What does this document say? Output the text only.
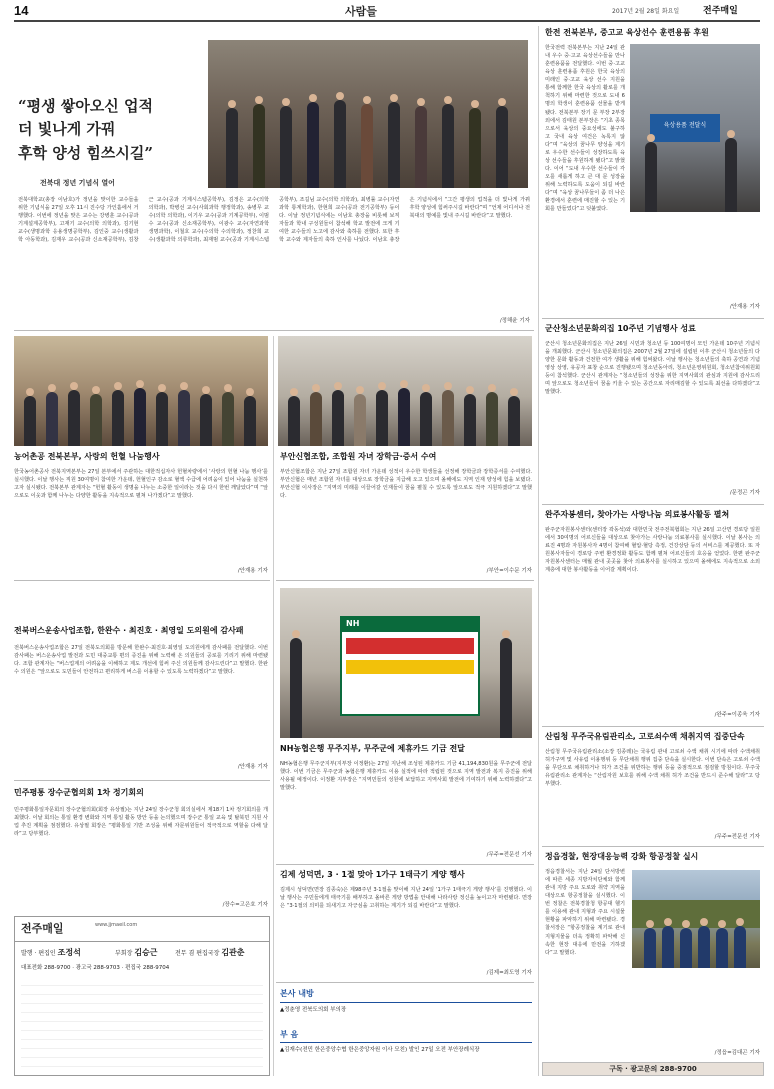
14	사람들	2017년 2월 28일 화요일	전주매일
“평생 쌓아오신 업적
더 빛나게 가꿔
후학 양성 힘쓰시길”
전북대 정년 기념식 열어
전북대학교(총장 이남호)가 정년을 맞이한 교수들을 위한 기념식을 27일 오후 11시 진수당 가인홀에서 거행했다. 이번에 정년을 맞은 교수는 강병훈 교수(공과 기계설계공학부), 고재기 교수(의학 의학과), 김기현 교수(생명과학 응용생명공학부), 김인중 교수(생활과학 아동학과), 김재우 교수(공과 신소재공학부), 김창근 교수(공과 기계시스템공학부), 김정은 교수(의학 의학과), 박병선 교수(사회과학 행정학과), 송병무 교수(의학 의학과), 이기우 교수(공과 기계공학부), 이범수 교수(공과 신소재공학부), 이광수 교수(자연과학 생명과학), 이철호 교수(수의학 수의학과), 정찬희 교수(생활과학 의류학과), 최재범 교수(공과 기계시스템공학부), 조길님 교수(의학 의학과), 최병률 교수(자연과학 통계학과), 한현희 교수(공과 전기공학부) 등이다. 이날 정년기념식에는 이남호 총장을 비롯해 보직자들과 학내 구성원들이 참석해 학교 발전에 크게 기여한 교수들의 노고에 감사와 축하를 전했다. 또한 후학 교수와 제자들의 축하 인사를 나눴다. 이남호 총장은 기념식에서 “그간 평생의 업적을 더 빛나게 가꿔 후학 양성에 힘써주시길 바란다”며 “언제 어디서나 전북대의 명예를 빛내 주시길 바란다”고 말했다.
/정해윤 기자
한전 전북본부, 중고교 육상선수 훈련용품 후원
한국전력 전북본부는 지난 24일 관내 우수 중·고교 육상선수들을 만나 훈련용품을 전달했다. 이번 중·고교 육상 훈련용품 후원은 한국 육상의 미래인 중·고교 육상 선수 지원을 통해 함께한 한국 육상의 활로를 개척하기 위해 마련한 것으로 도내 6명의 학생이 훈련용품 선물을 받게 됐다. 전북본부 장기 문 부장 2부장 외에서 김태원 본부장은 “기초 종목으로서 육상의 중요성에도 불구하고 국내 육상 여건은 녹록지 않다”며 “육상의 꿈나무 양성을 계기로 우수한 선수들이 성장하도록 육상 선수들을 후원하게 됐다”고 밝혔다. 이어 “도내 우수한 선수들이 각오를 새롭게 하고 큰 대 문 성장을 위해 노력하도록 도움이 되길 바란다”며 “육상 꿈나무들이 좀 더 나은 환경에서 훈련에 매진할 수 있는 기회를 만들었다”고 덧붙였다.
육상용품 전달식
/안재용 기자
군산청소년문화의집 10주년 기념행사 성료
군산시 청소년문화의집은 지난 26일 시민과 청소년 등 100여명이 모인 가운데 10주년 기념식을 개최했다. 군산시 청소년문화의집은 2007년 2월 27일에 설립된 이후 군산시 청소년들의 다양한 문화 활동과 건전한 여가 생활을 위해 힘써왔다. 이날 행사는 청소년들의 축하 공연과 기념 영상 상영, 유공자 표창 순으로 진행됐으며 청소년동아리, 청소년운영위원회, 청소년참여위원회 등이 참석했다. 군산시 관계자는 “청소년들의 성장을 위한 지역사회의 관심과 지원에 감사드리며 앞으로도 청소년들이 꿈을 키울 수 있는 공간으로 자리매김할 수 있도록 최선을 다하겠다”고 말했다.
/문정곤 기자
완주자봉센터, 찾아가는 사랑나눔 의료봉사활동 펼쳐
완주군자원봉사센터(센터장 곽동석)와 대한민국 전주전북협회는 지난 26일 고산면 경로당 일원에서 30여명의 어르신들을 대상으로 찾아가는 사랑나눔 의료봉사를 실시했다. 이날 봉사는 의료진 4명과 자원봉사자 4명이 참여해 혈압·혈당 측정, 건강상담 등의 서비스를 제공했다. 또 자원봉사자들이 경로당 주변 환경정화 활동도 함께 펼쳐 어르신들의 호응을 얻었다. 한편 완주군자원봉사센터는 매월 관내 곳곳을 찾아 의료봉사를 실시하고 있으며 올해에도 지속적으로 소외계층에 대한 봉사활동을 이어갈 계획이다.
/완주=이종욱 기자
산림청 무주국유림관리소, 고로쇠수액 채취지역 집중단속
산림청 무주국유림관리소(소장 김종레)는 국유림 관내 고로쇠 수액 채취 시기에 따라 수액채취 허가구역 및 사유림 이용행위 등 무단채취 행위 집중 단속을 실시한다. 이번 단속은 고로쇠 수액을 무단으로 채취하거나 허가 조건을 위반하는 행위 등을 중점적으로 점검할 방침이다. 무주국유림관리소 관계자는 “산림자원 보호를 위해 수액 채취 허가 조건을 반드시 준수해 달라”고 당부했다.
/무주=전문선 기자
정읍경찰, 현장대응능력 강화 항공정찰 실시
정읍경찰서는 지난 24일 단서방변에 따른 세종 지방자치단체와 함께 관내 지방 주요 도로와 취약 지역을 대상으로 항공정찰을 실시했다. 이번 정찰은 전북경찰청 항공대 헬기를 이용해 관내 지형과 주요 시설물 현황을 파악하기 위해 마련됐다. 경찰서장은 “항공정찰을 계기로 관내 지형지물을 더욱 정확히 파악해 신속한 현장 대응에 만전을 기하겠다”고 말했다.
/정읍=김대곤 기자
구독 · 광고문의 288-9700
농어촌공 전북본부, 사랑의 헌혈 나눔행사
한국농어촌공사 전북지역본부는 27일 본부에서 주관하는 대한적십자사 헌혈차량에서 ‘사랑의 헌혈 나눔 행사’를 실시했다. 이날 행사는 직원 30여명이 참여한 가운데, 헌혈인구 감소로 혈액 수급에 어려움이 있어 나눔을 실천하고자 실시됐다. 전북본부 관계자는 “헌혈 활동이 생명을 나누는 소중한 일이라는 것을 다시 한번 깨달았다”며 “앞으로도 이웃과 함께 나누는 다양한 활동을 지속적으로 펼쳐 나가겠다”고 말했다.
/안재용 기자
부안신협조합, 조합원 자녀 장학금·증서 수여
부안신협조합은 지난 27일 조합원 자녀 가운데 성적이 우수한 학생들을 선정해 장학금과 장학증서를 수여했다. 부안신협은 매년 조합원 자녀를 대상으로 장학금을 지급해 오고 있으며 올해에도 지역 인재 양성에 힘을 보탰다. 부안신협 이사장은 “지역의 미래를 이끌어갈 인재들이 꿈을 펼칠 수 있도록 앞으로도 적극 지원하겠다”고 말했다.
/부안=이수문 기자
전북버스운송사업조합, 한완수 · 최진호 · 최영일 도의원에 감사패
전북버스운송사업조합은 27일 전북도의회를 방문해 한완수·최진호·최영일 도의원에게 감사패를 전달했다. 이번 감사패는 버스운송사업 발전과 도민 대중교통 편의 증진을 위해 노력해 온 의원들의 공로를 기리기 위해 마련됐다. 조합 관계자는 “버스업계의 어려움을 이해하고 제도 개선에 힘써 주신 의원들께 감사드린다”고 말했다. 한완수 의원은 “앞으로도 도민들이 안전하고 편리하게 버스를 이용할 수 있도록 노력하겠다”고 말했다.
/안재용 기자
NH
NH농협은행 무주지부, 무주군에 제휴카드 기금 전달
NH농협은행 무주군지부(지부장 이정환)는 27일 지난해 조성된 제휴카드 기금 41,194,830원을 무주군에 전달했다. 이번 기금은 무주군과 농협은행 제휴카드 이용 실적에 따라 적립된 것으로 지역 발전과 복지 증진을 위해 사용될 예정이다. 이정환 지부장은 “지역민들의 성원에 보답하고 지역사회 발전에 기여하기 위해 노력하겠다”고 말했다.
/무주=전문선 기자
김제 성덕면, 3 · 1절 맞아 1가구 1태극기 게양 행사
김제시 성덕면(면장 김종숙)은 제98주년 3·1절을 맞이해 지난 24일 ‘1가구 1태극기 게양 행사’를 진행했다. 이날 행사는 주민들에게 태극기를 배부하고 올바른 게양 방법을 안내해 나라사랑 정신을 높이고자 마련됐다. 면장은 “3·1절의 의미를 되새기고 자긍심을 고취하는 계기가 되길 바란다”고 말했다.
/김제=최도영 기자
본사 내방
▲정춘영 전북도의회 부의장
부 음
▲김재수(전민 한은중앙수협 한은중앙자원 이사 모친) 발인 27일 오전 부안장례식장
민주평통 장수군협의회 1차 정기회의
민주평화통일자문회의 장수군협의회(회장 유상필)는 지난 24일 장수군청 회의실에서 제18기 1차 정기회의를 개최했다. 이날 회의는 통일 환경 변화와 지역 통일 활동 방안 등을 논의했으며 장수군 통일 교육 및 탈북민 지원 사업 추진 계획을 점검했다. 유상필 회장은 “평화통일 기반 조성을 위해 자문위원들이 적극적으로 역할을 다해 달라”고 당부했다.
/장수=고은호 기자
전주매일	www.jjmaeil.com
발행 · 편집인 조정석	부회장 김승근	전무 겸 편집국장 김관춘
대표전화 288-9700 · 광고국 288-9703 · 편집국 288-9704
